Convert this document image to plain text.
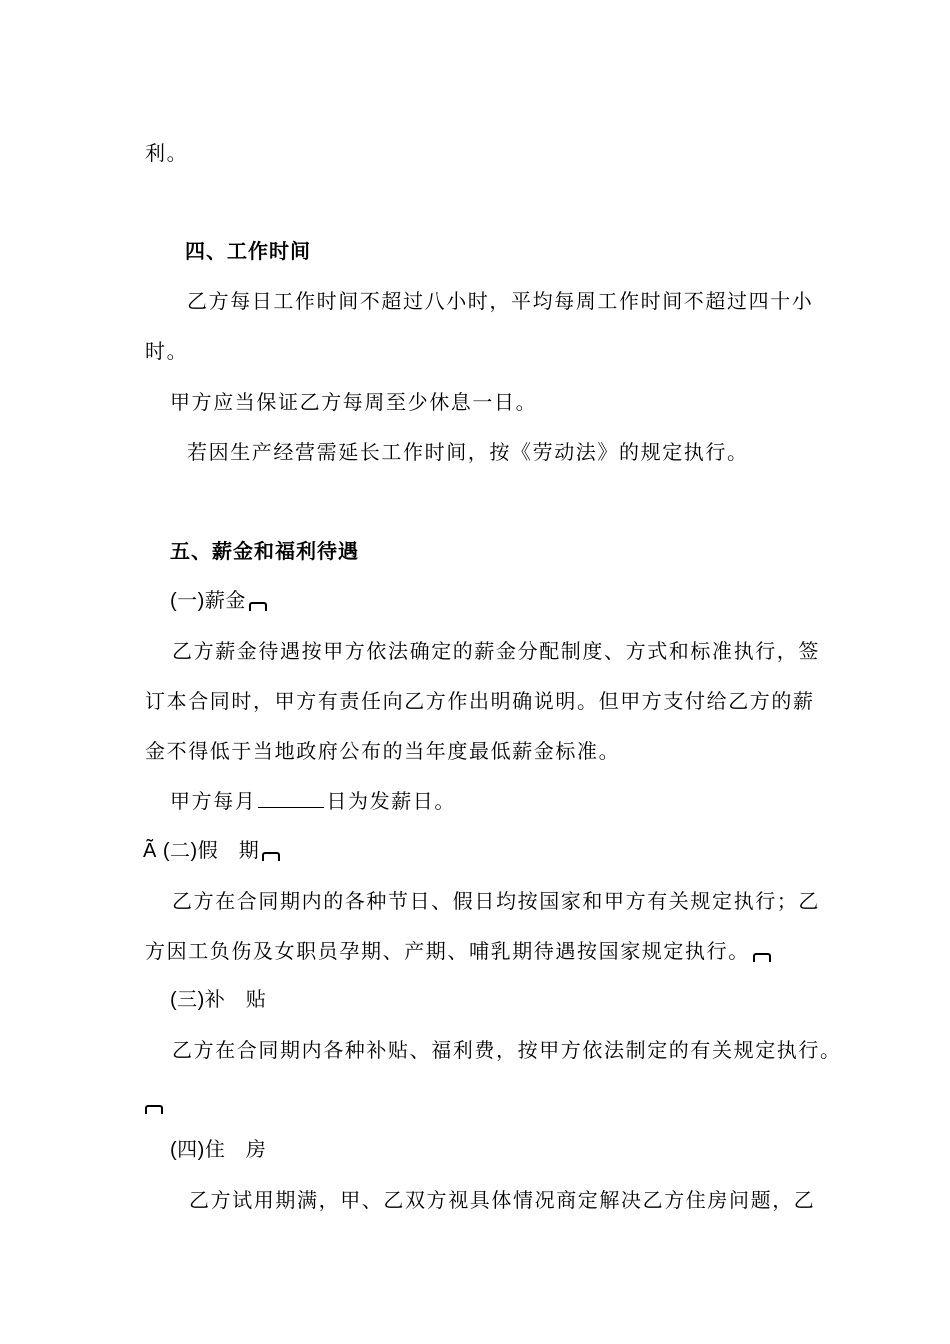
利。
四、工作时间
乙方每日工作时间不超过八小时，平均每周工作时间不超过四十小
时。
甲方应当保证乙方每周至少休息一日。
若因生产经营需延长工作时间，按《劳动法》的规定执行。
五、薪金和福利待遇
(一)薪金
乙方薪金待遇按甲方依法确定的薪金分配制度、方式和标准执行，签
订本合同时，甲方有责任向乙方作出明确说明。但甲方支付给乙方的薪
金不得低于当地政府公布的当年度最低薪金标准。
甲方每月	日为发薪日。
Ã (二)假　期
乙方在合同期内的各种节日、假日均按国家和甲方有关规定执行；乙
方因工负伤及女职员孕期、产期、哺乳期待遇按国家规定执行。
(三)补　贴
乙方在合同期内各种补贴、福利费，按甲方依法制定的有关规定执行。
(四)住　房
乙方试用期满，甲、乙双方视具体情况商定解决乙方住房问题，乙
